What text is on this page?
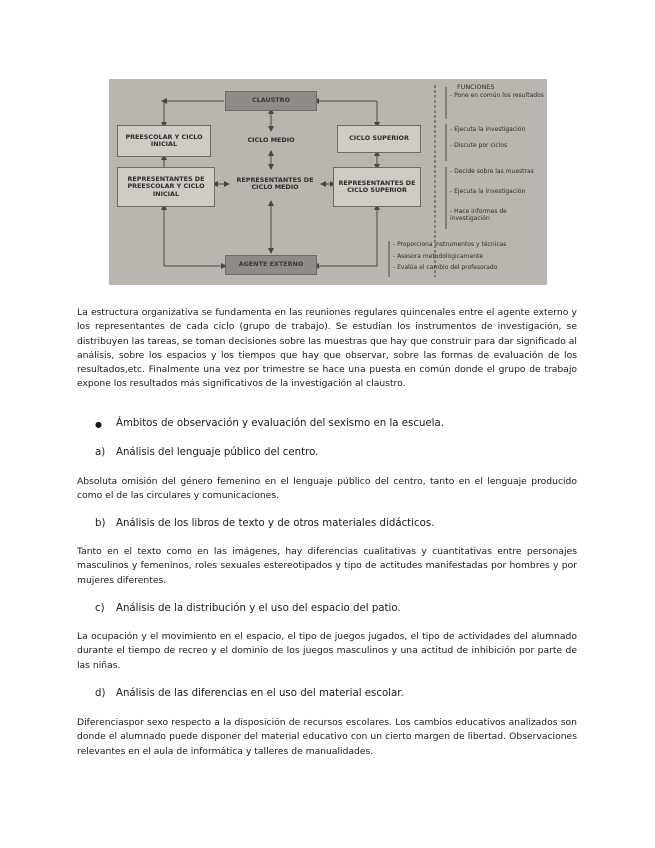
CLAUSTRO
PREESCOLAR Y CICLO INICIAL	CICLO MEDIO	CICLO SUPERIOR
REPRESENTANTES DE PREESCOLAR Y CICLO INICIAL
REPRESENTANTES DE CICLO MEDIO
REPRESENTANTES DE CICLO SUPERIOR
AGENTE EXTERNO
FUNCIONES
- Pone en común los resultados
- Ejecuta la investigación
- Discute por ciclos
- Decide sobre las muestras
- Ejecuta la investigación
- Hace informes de investigación
- Proporciona instrumentos y técnicas
- Asesora metodológicamente
- Evalúa el cambio del profesorado

La estructura organizativa se fundamenta en las reuniones regulares quincenales entre el agente externo y los representantes de cada ciclo (grupo de trabajo). Se estudian los instrumentos de investigación, se distribuyen las tareas, se toman decisiones sobre las muestras que hay que construir para dar significado al análisis, sobre los espacios y los tiempos que hay que observar, sobre las formas de evaluación de los resultados,etc. Finalmente una vez por trimestre se hace una puesta en común donde el grupo de trabajo expone los resultados más significativos de la investigación al claustro.

● Ámbitos de observación y evaluación del sexismo en la escuela.

a) Análisis del lenguaje público del centro.

Absoluta omisión del género femenino en el lenguaje público del centro, tanto en el lenguaje producido como el de las circulares y comunicaciones.

b) Análisis de los libros de texto y de otros materiales didácticos.

Tanto en el texto como en las imágenes, hay diferencias cualitativas y cuantitativas entre personajes masculinos y femeninos, roles sexuales estereotipados y tipo de actitudes manifestadas por hombres y por mujeres diferentes.

c) Análisis de la distribución y el uso del espacio del patio.

La ocupación y el movimiento en el espacio, el tipo de juegos jugados, el tipo de actividades del alumnado durante el tiempo de recreo y el dominio de los juegos masculinos y una actitud de inhibición por parte de las niñas.

d) Análisis de las diferencias en el uso del material escolar.

Diferenciaspor sexo respecto a la disposición de recursos escolares. Los cambios educativos analizados son donde el alumnado puede disponer del material educativo con un cierto margen de libertad. Observaciones relevantes en el aula de informática y talleres de manualidades.
